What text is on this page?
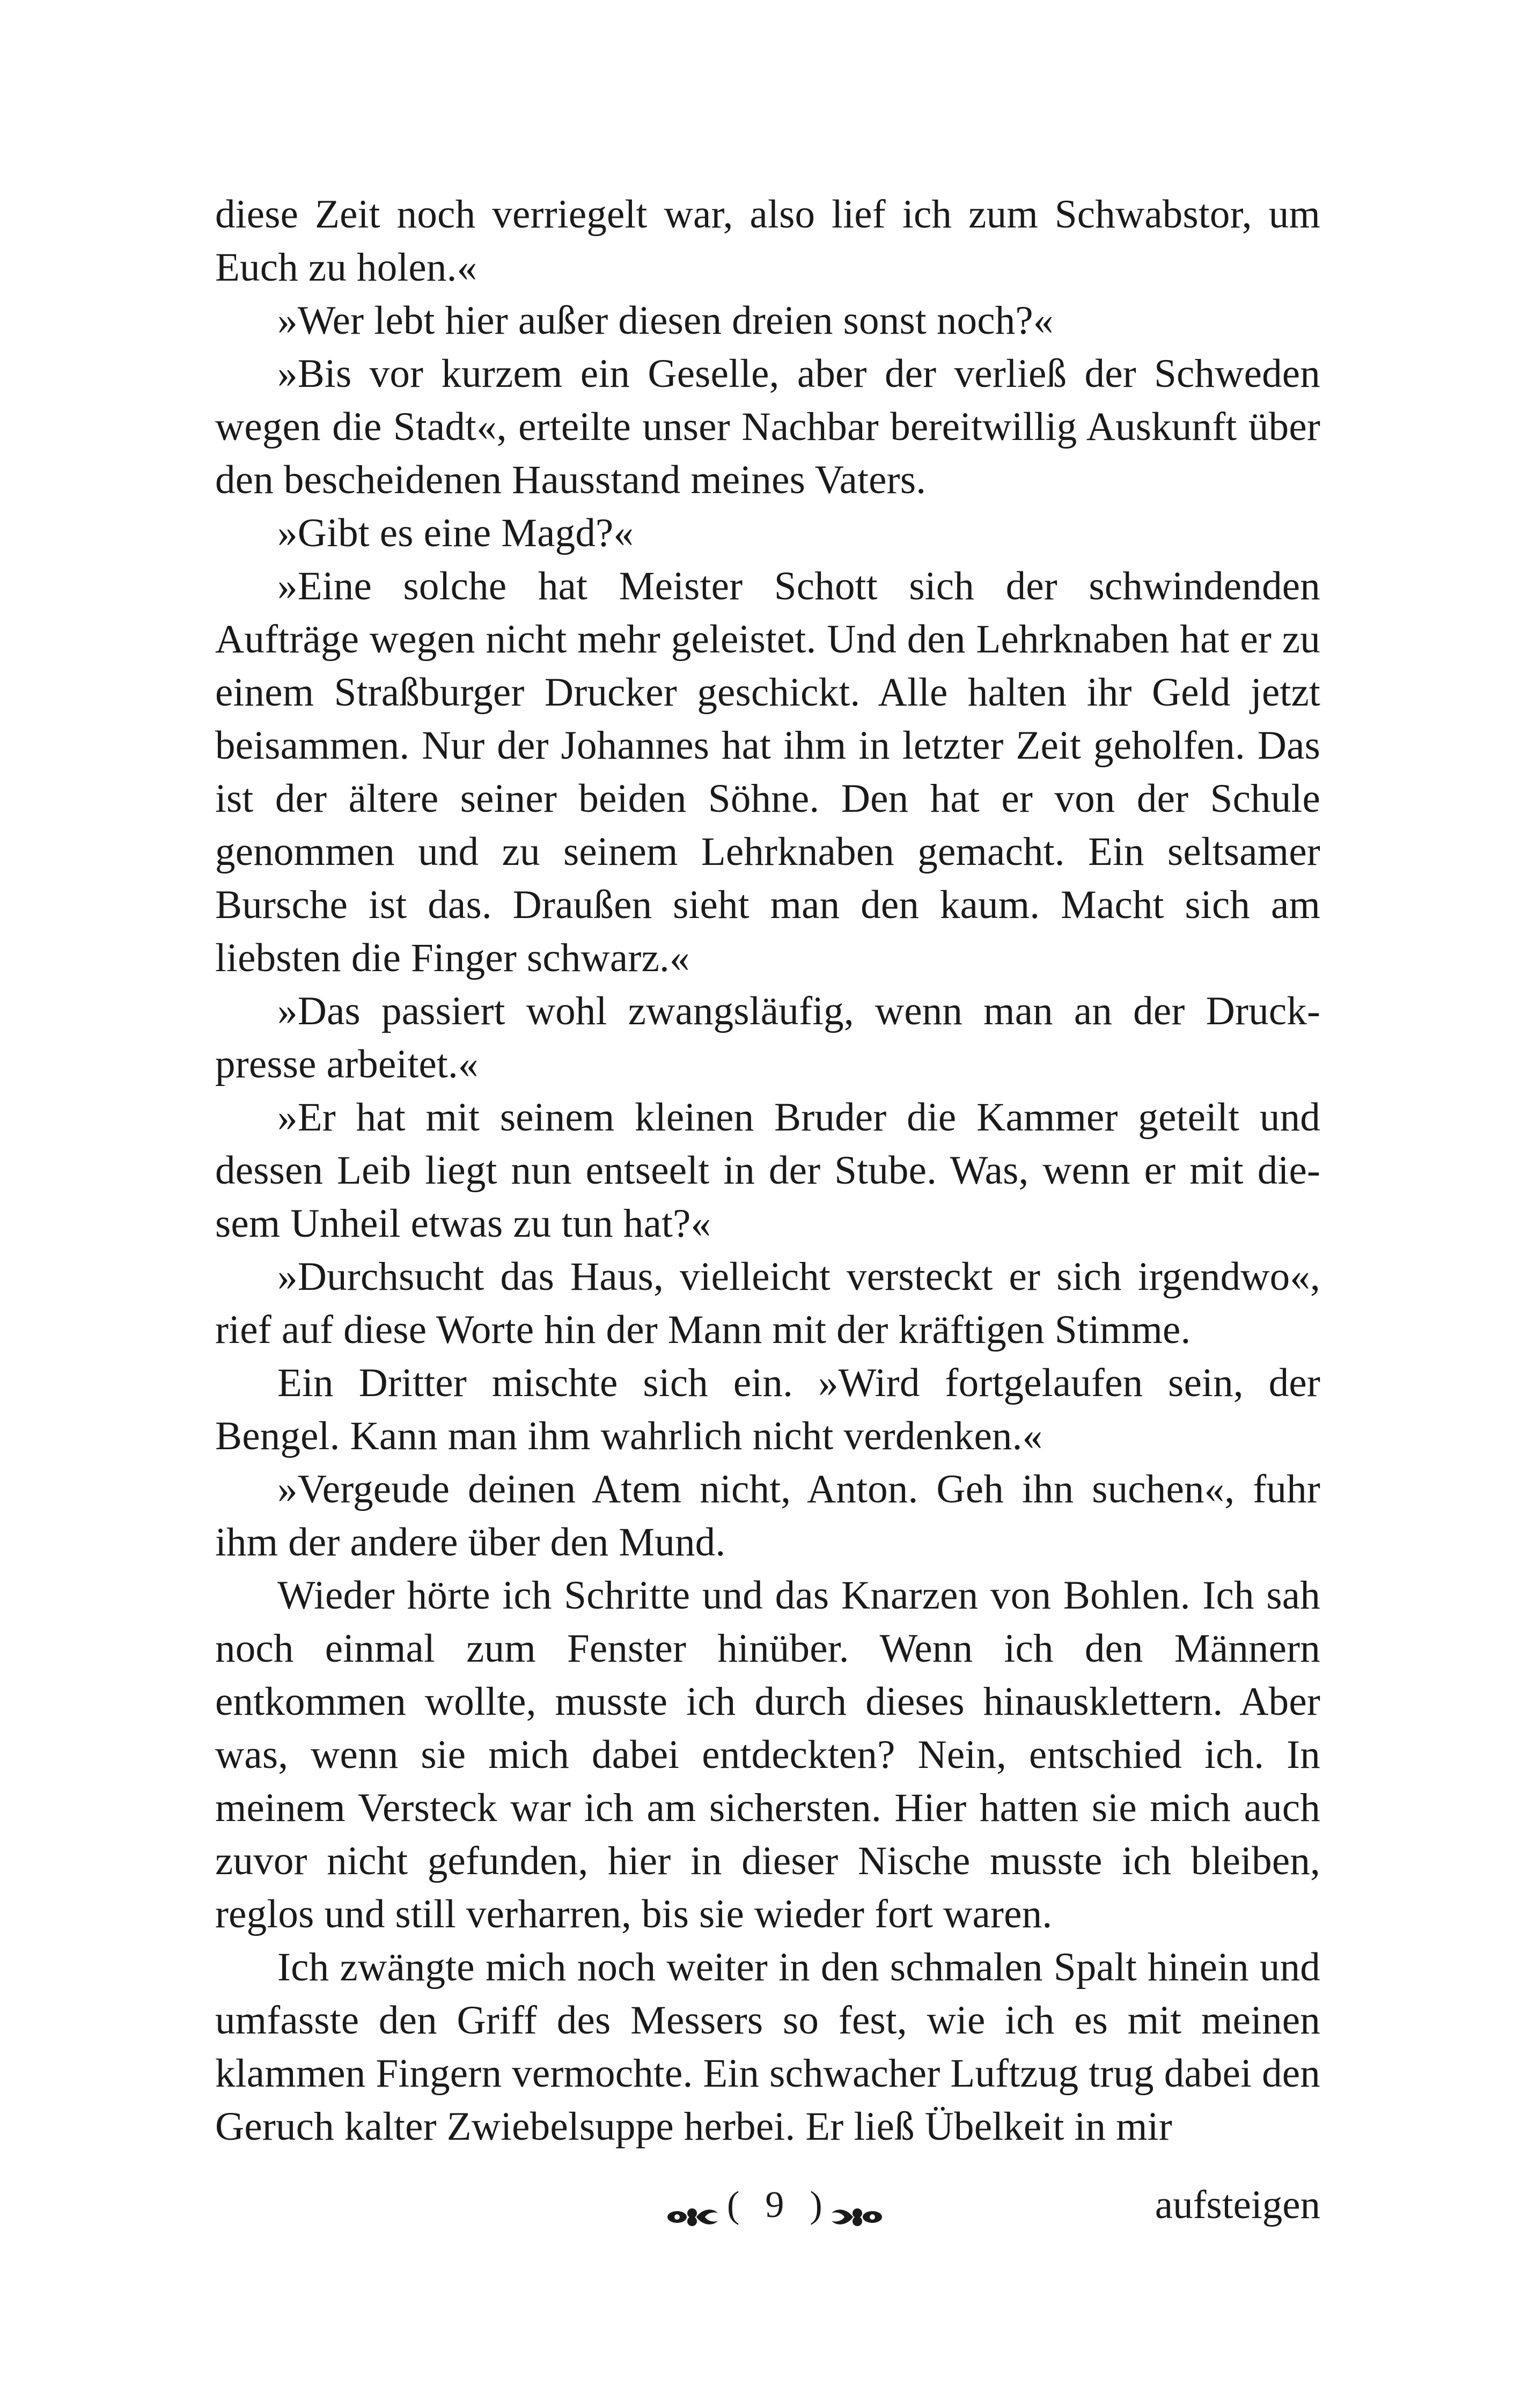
diese Zeit noch verriegelt war, also lief ich zum Schwabstor, um Euch zu holen.«

»Wer lebt hier außer diesen dreien sonst noch?«

»Bis vor kurzem ein Geselle, aber der verließ der Schweden wegen die Stadt«, erteilte unser Nachbar bereitwillig Auskunft über den bescheidenen Hausstand meines Vaters.

»Gibt es eine Magd?«

»Eine solche hat Meister Schott sich der schwindenden Aufträge wegen nicht mehr geleistet. Und den Lehrknaben hat er zu einem Straßburger Drucker geschickt. Alle halten ihr Geld jetzt beisammen. Nur der Johannes hat ihm in letzter Zeit geholfen. Das ist der ältere seiner beiden Söhne. Den hat er von der Schule genommen und zu seinem Lehrknaben gemacht. Ein seltsamer Bursche ist das. Draußen sieht man den kaum. Macht sich am liebsten die Finger schwarz.«

»Das passiert wohl zwangsläufig, wenn man an der Druckpresse arbeitet.«

»Er hat mit seinem kleinen Bruder die Kammer geteilt und dessen Leib liegt nun entseelt in der Stube. Was, wenn er mit diesem Unheil etwas zu tun hat?«

»Durchsucht das Haus, vielleicht versteckt er sich irgendwo«, rief auf diese Worte hin der Mann mit der kräftigen Stimme.

Ein Dritter mischte sich ein. »Wird fortgelaufen sein, der Bengel. Kann man ihm wahrlich nicht verdenken.«

»Vergeude deinen Atem nicht, Anton. Geh ihn suchen«, fuhr ihm der andere über den Mund.

Wieder hörte ich Schritte und das Knarzen von Bohlen. Ich sah noch einmal zum Fenster hinüber. Wenn ich den Männern entkommen wollte, musste ich durch dieses hinausklettern. Aber was, wenn sie mich dabei entdeckten? Nein, entschied ich. In meinem Versteck war ich am sichersten. Hier hatten sie mich auch zuvor nicht gefunden, hier in dieser Nische musste ich bleiben, reglos und still verharren, bis sie wieder fort waren.

Ich zwängte mich noch weiter in den schmalen Spalt hinein und umfasste den Griff des Messers so fest, wie ich es mit meinen klammen Fingern vermochte. Ein schwacher Luftzug trug dabei den Geruch kalter Zwiebelsuppe herbei. Er ließ Übelkeit in mir

( 9 )	aufsteigen
